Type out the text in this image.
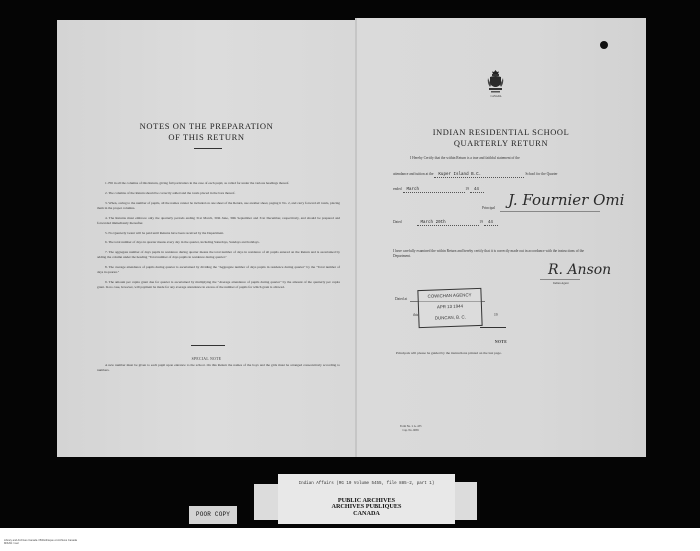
NOTES ON THE PREPARATION
OF THIS RETURN

1. Fill in all the columns of this Return, giving full particulars in the case of each pupil, as called for under the various headings thereof.

2. The columns of the Return should be correctly added and the totals placed in the bars thereof.

3. When, owing to the number of pupils, all the names cannot be included on one sheet of the Return, use another sheet, paging it No. 2, and carry forward all totals, placing them in the proper columns.

4. The Returns must embrace only the quarterly periods ending 31st March, 30th June, 30th September and 31st December, respectively, and should be prepared and forwarded immediately thereafter.

5. No Quarterly Grant will be paid until Returns have been received by the Department.

6. The total number of days in quarter means every day in the quarter, including Saturdays, Sundays and holidays.

7. The aggregate number of days pupils in residence during quarter means the total number of days in residence of all pupils entered on the Return and is ascertained by adding the column under the heading "Total number of days pupils in residence during quarter."

8. The average attendance of pupils during quarter is ascertained by dividing the "Aggregate number of days pupils in residence during quarter" by the "Total number of days in quarter."

9. The amount per capita grant due for quarter is ascertained by multiplying the "Average attendance of pupils during quarter" by the amount of the quarterly per capita grant. In no case, however, will payment be made for any average attendance in excess of the number of pupils for which grant is allowed.

SPECIAL NOTE
A new number must be given to each pupil upon entrance to the school. On this Return the names of the boys and the girls must be arranged consecutively according to numbers.
CANADA
INDIAN RESIDENTIAL SCHOOL
QUARTERLY RETURN
I Hereby Certify that the within Return is a true and faithful statement of the
attendance and tuition at the Kuper Island B.C.	School for the Quarter
ended March	19 44
Principal J. Fournier Omi
Dated	March 20th	19 44
I have carefully examined the within Return and hereby certify that it is correctly made out in accordance with the instructions of the Department.
R. Anson
Indian Agent
Dated at
this	19
COWICHAN AGENCY
APR 13 1944
DUNCAN, B. C.
NOTE
Principals will please be guided by the instructions printed on the last page.
Form No. I. A. 433
Cap. No. 6065
Indian Affairs (RG 10 Volume 5455, file 885-2, part 1)
PUBLIC ARCHIVES
ARCHIVES PUBLIQUES
CANADA
POOR COPY
Library and Archives Canada / Bibliothèque et Archives Canada
MIKAN / reel
